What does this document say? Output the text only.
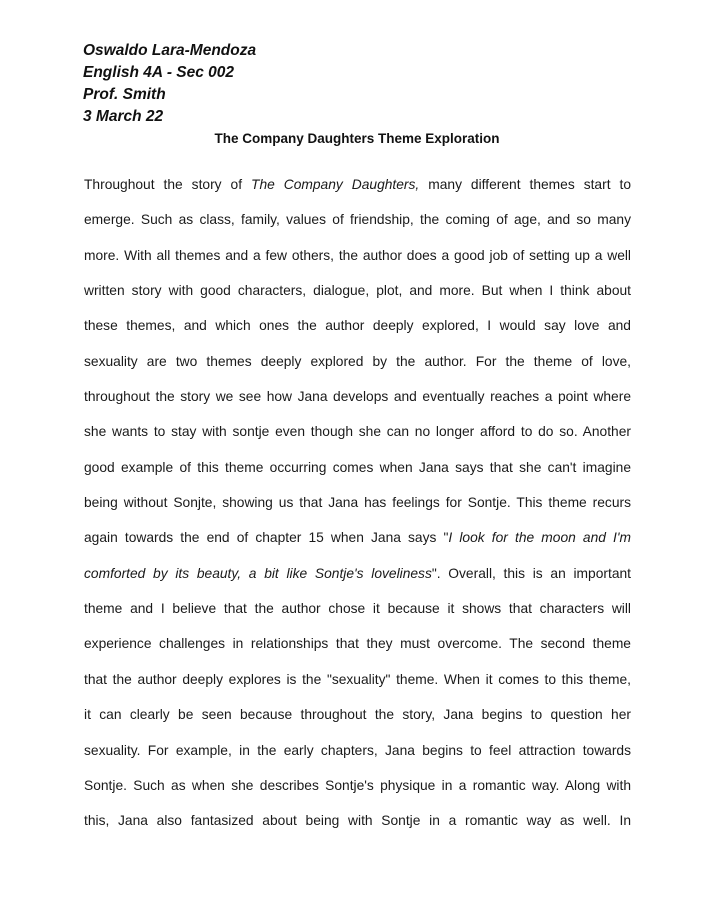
Oswaldo Lara-Mendoza
English 4A - Sec 002
Prof. Smith
3 March 22
The Company Daughters Theme Exploration
Throughout the story of The Company Daughters, many different themes start to
emerge. Such as class, family, values of friendship, the coming of age, and so many
more. With all themes and a few others, the author does a good job of setting up a well
written story with good characters, dialogue, plot, and more. But when I think about
these themes, and which ones the author deeply explored, I would say love and
sexuality are two themes deeply explored by the author. For the theme of love,
throughout the story we see how Jana develops and eventually reaches a point where
she wants to stay with sontje even though she can no longer afford to do so. Another
good example of this theme occurring comes when Jana says that she can't imagine
being without Sonjte, showing us that Jana has feelings for Sontje. This theme recurs
again towards the end of chapter 15 when Jana says "I look for the moon and I'm
comforted by its beauty, a bit like Sontje's loveliness". Overall, this is an important
theme and I believe that the author chose it because it shows that characters will
experience challenges in relationships that they must overcome. The second theme
that the author deeply explores is the "sexuality" theme. When it comes to this theme,
it can clearly be seen because throughout the story, Jana begins to question her
sexuality. For example, in the early chapters, Jana begins to feel attraction towards
Sontje. Such as when she describes Sontje's physique in a romantic way. Along with
this, Jana also fantasized about being with Sontje in a romantic way as well. In
